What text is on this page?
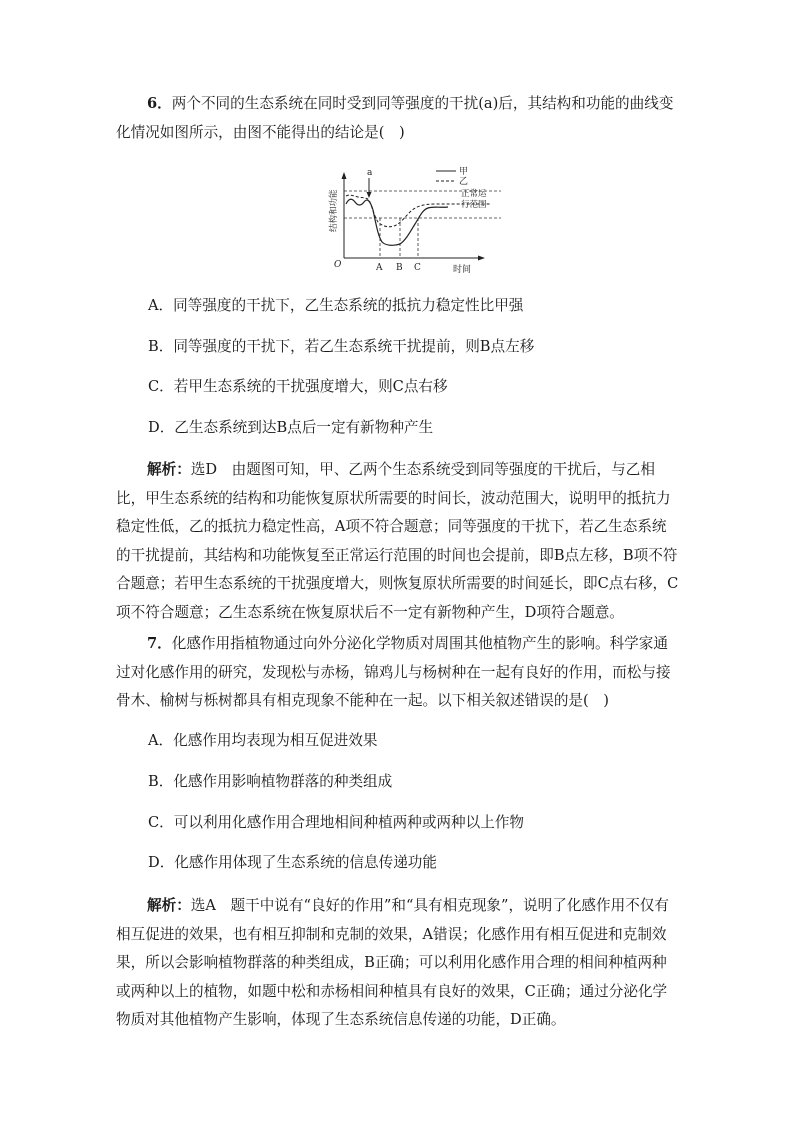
6．两个不同的生态系统在同时受到同等强度的干扰(a)后，其结构和功能的曲线变化情况如图所示，由图不能得出的结论是(　)

a	甲
乙
正常运
行范围
结构和功能
O	A B C	时间

A．同等强度的干扰下，乙生态系统的抵抗力稳定性比甲强

B．同等强度的干扰下，若乙生态系统干扰提前，则B点左移

C．若甲生态系统的干扰强度增大，则C点右移

D．乙生态系统到达B点后一定有新物种产生

解析：选D　由题图可知，甲、乙两个生态系统受到同等强度的干扰后，与乙相比，甲生态系统的结构和功能恢复原状所需要的时间长，波动范围大，说明甲的抵抗力稳定性低，乙的抵抗力稳定性高，A项不符合题意；同等强度的干扰下，若乙生态系统的干扰提前，其结构和功能恢复至正常运行范围的时间也会提前，即B点左移，B项不符合题意；若甲生态系统的干扰强度增大，则恢复原状所需要的时间延长，即C点右移，C项不符合题意；乙生态系统在恢复原状后不一定有新物种产生，D项符合题意。

7．化感作用指植物通过向外分泌化学物质对周围其他植物产生的影响。科学家通过对化感作用的研究，发现松与赤杨，锦鸡儿与杨树种在一起有良好的作用，而松与接骨木、榆树与栎树都具有相克现象不能种在一起。以下相关叙述错误的是(　)

A．化感作用均表现为相互促进效果

B．化感作用影响植物群落的种类组成

C．可以利用化感作用合理地相间种植两种或两种以上作物

D．化感作用体现了生态系统的信息传递功能

解析：选A　题干中说有“良好的作用”和“具有相克现象”，说明了化感作用不仅有相互促进的效果，也有相互抑制和克制的效果，A错误；化感作用有相互促进和克制效果，所以会影响植物群落的种类组成，B正确；可以利用化感作用合理的相间种植两种或两种以上的植物，如题中松和赤杨相间种植具有良好的效果，C正确；通过分泌化学物质对其他植物产生影响，体现了生态系统信息传递的功能，D正确。
